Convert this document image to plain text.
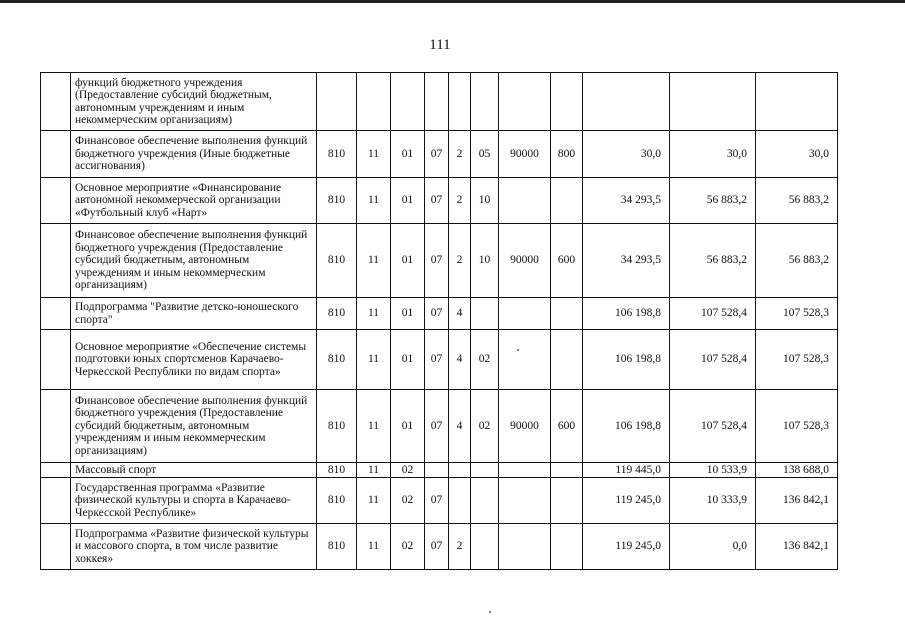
111
	функций бюджетного учреждения (Предоставление субсидий бюджетным, автономным учреждениям и иным некоммерческим организациям)											
	Финансовое обеспечение выполнения функций бюджетного учреждения (Иные бюджетные ассигнования)	810	11	01	07	2	05	90000	800	30,0	30,0	30,0
	Основное мероприятие «Финансирование автономной некоммерческой организации «Футбольный клуб «Нарт»	810	11	01	07	2	10			34 293,5	56 883,2	56 883,2
	Финансовое обеспечение выполнения функций бюджетного учреждения (Предоставление субсидий бюджетным, автономным учреждениям и иным некоммерческим организациям)	810	11	01	07	2	10	90000	600	34 293,5	56 883,2	56 883,2
	Подпрограмма "Развитие детско-юношеского спорта"	810	11	01	07	4				106 198,8	107 528,4	107 528,3
	Основное мероприятие «Обеспечение системы подготовки юных спортсменов Карачаево-Черкесской Республики по видам спорта»	810	11	01	07	4	02			106 198,8	107 528,4	107 528,3
	Финансовое обеспечение выполнения функций бюджетного учреждения (Предоставление субсидий бюджетным, автономным учреждениям и иным некоммерческим организациям)	810	11	01	07	4	02	90000	600	106 198,8	107 528,4	107 528,3
	Массовый спорт	810	11	02						119 445,0	10 533,9	138 688,0
	Государственная программа «Развитие физической культуры и спорта в Карачаево-Черкесской Республике»	810	11	02	07					119 245,0	10 333,9	136 842,1
	Подпрограмма «Развитие физической культуры и массового спорта, в том числе развитие хоккея»	810	11	02	07	2				119 245,0	0,0	136 842,1
